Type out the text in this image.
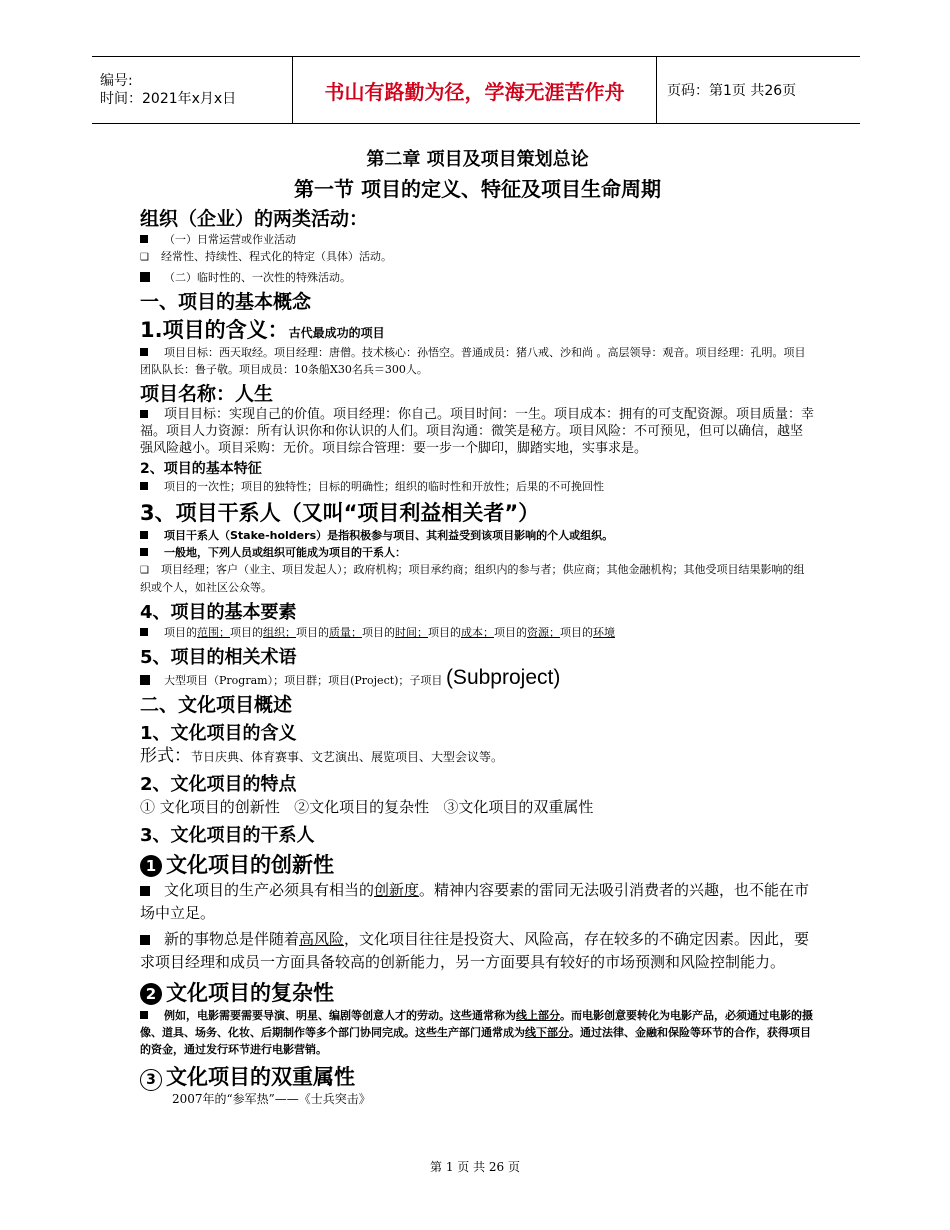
编号:
时间：2021年x月x日	书山有路勤为径，学海无涯苦作舟	页码：第1页 共26页
第二章 项目及项目策划总论
第一节 项目的定义、特征及项目生命周期
组织（企业）的两类活动：
（一）日常运营或作业活动
❑ 经常性、持续性、程式化的特定（具体）活动。
（二）临时性的、一次性的特殊活动。
一、项目的基本概念
1.项目的含义：古代最成功的项目
项目目标：西天取经。项目经理：唐僧。技术核心：孙悟空。普通成员：猪八戒、沙和尚 。高层领导：观音。项目经理：孔明。项目团队队长：鲁子敬。项目成员：10条船X30名兵＝300人。
项目名称：人生
项目目标：实现自己的价值。项目经理：你自己。项目时间：一生。项目成本：拥有的可支配资源。项目质量：幸福。项目人力资源：所有认识你和你认识的人们。项目沟通：微笑是秘方。项目风险：不可预见，但可以确信，越坚强风险越小。项目采购：无价。项目综合管理：要一步一个脚印，脚踏实地，实事求是。
2、项目的基本特征
项目的一次性；项目的独特性；目标的明确性；组织的临时性和开放性；后果的不可挽回性
3、项目干系人（又叫“项目利益相关者”）
项目干系人（Stake-holders）是指积极参与项目、其利益受到该项目影响的个人或组织。
一般地，下列人员或组织可能成为项目的干系人：
❑ 项目经理；客户（业主、项目发起人）；政府机构；项目承约商；组织内的参与者；供应商；其他金融机构；其他受项目结果影响的组织或个人，如社区公众等。
4、项目的基本要素
项目的范围；项目的组织；项目的质量；项目的时间；项目的成本；项目的资源；项目的环境
5、项目的相关术语
大型项目（Program）；项目群；项目(Project)；子项目 (Subproject)
二、文化项目概述
1、文化项目的含义
形式：节日庆典、体育赛事、文艺演出、展览项目、大型会议等。
2、文化项目的特点
① 文化项目的创新性 ②文化项目的复杂性 ③文化项目的双重属性
3、文化项目的干系人
1 文化项目的创新性
文化项目的生产必须具有相当的创新度。精神内容要素的雷同无法吸引消费者的兴趣，也不能在市场中立足。
新的事物总是伴随着高风险，文化项目往往是投资大、风险高，存在较多的不确定因素。因此，要求项目经理和成员一方面具备较高的创新能力，另一方面要具有较好的市场预测和风险控制能力。
2 文化项目的复杂性
例如，电影需要需要导演、明星、编剧等创意人才的劳动。这些通常称为线上部分。而电影创意要转化为电影产品，必须通过电影的摄像、道具、场务、化妆、后期制作等多个部门协同完成。这些生产部门通常成为线下部分。通过法律、金融和保险等环节的合作，获得项目的资金，通过发行环节进行电影营销。
3 文化项目的双重属性
2007年的“参军热”——《士兵突击》
第 1 页 共 26 页
